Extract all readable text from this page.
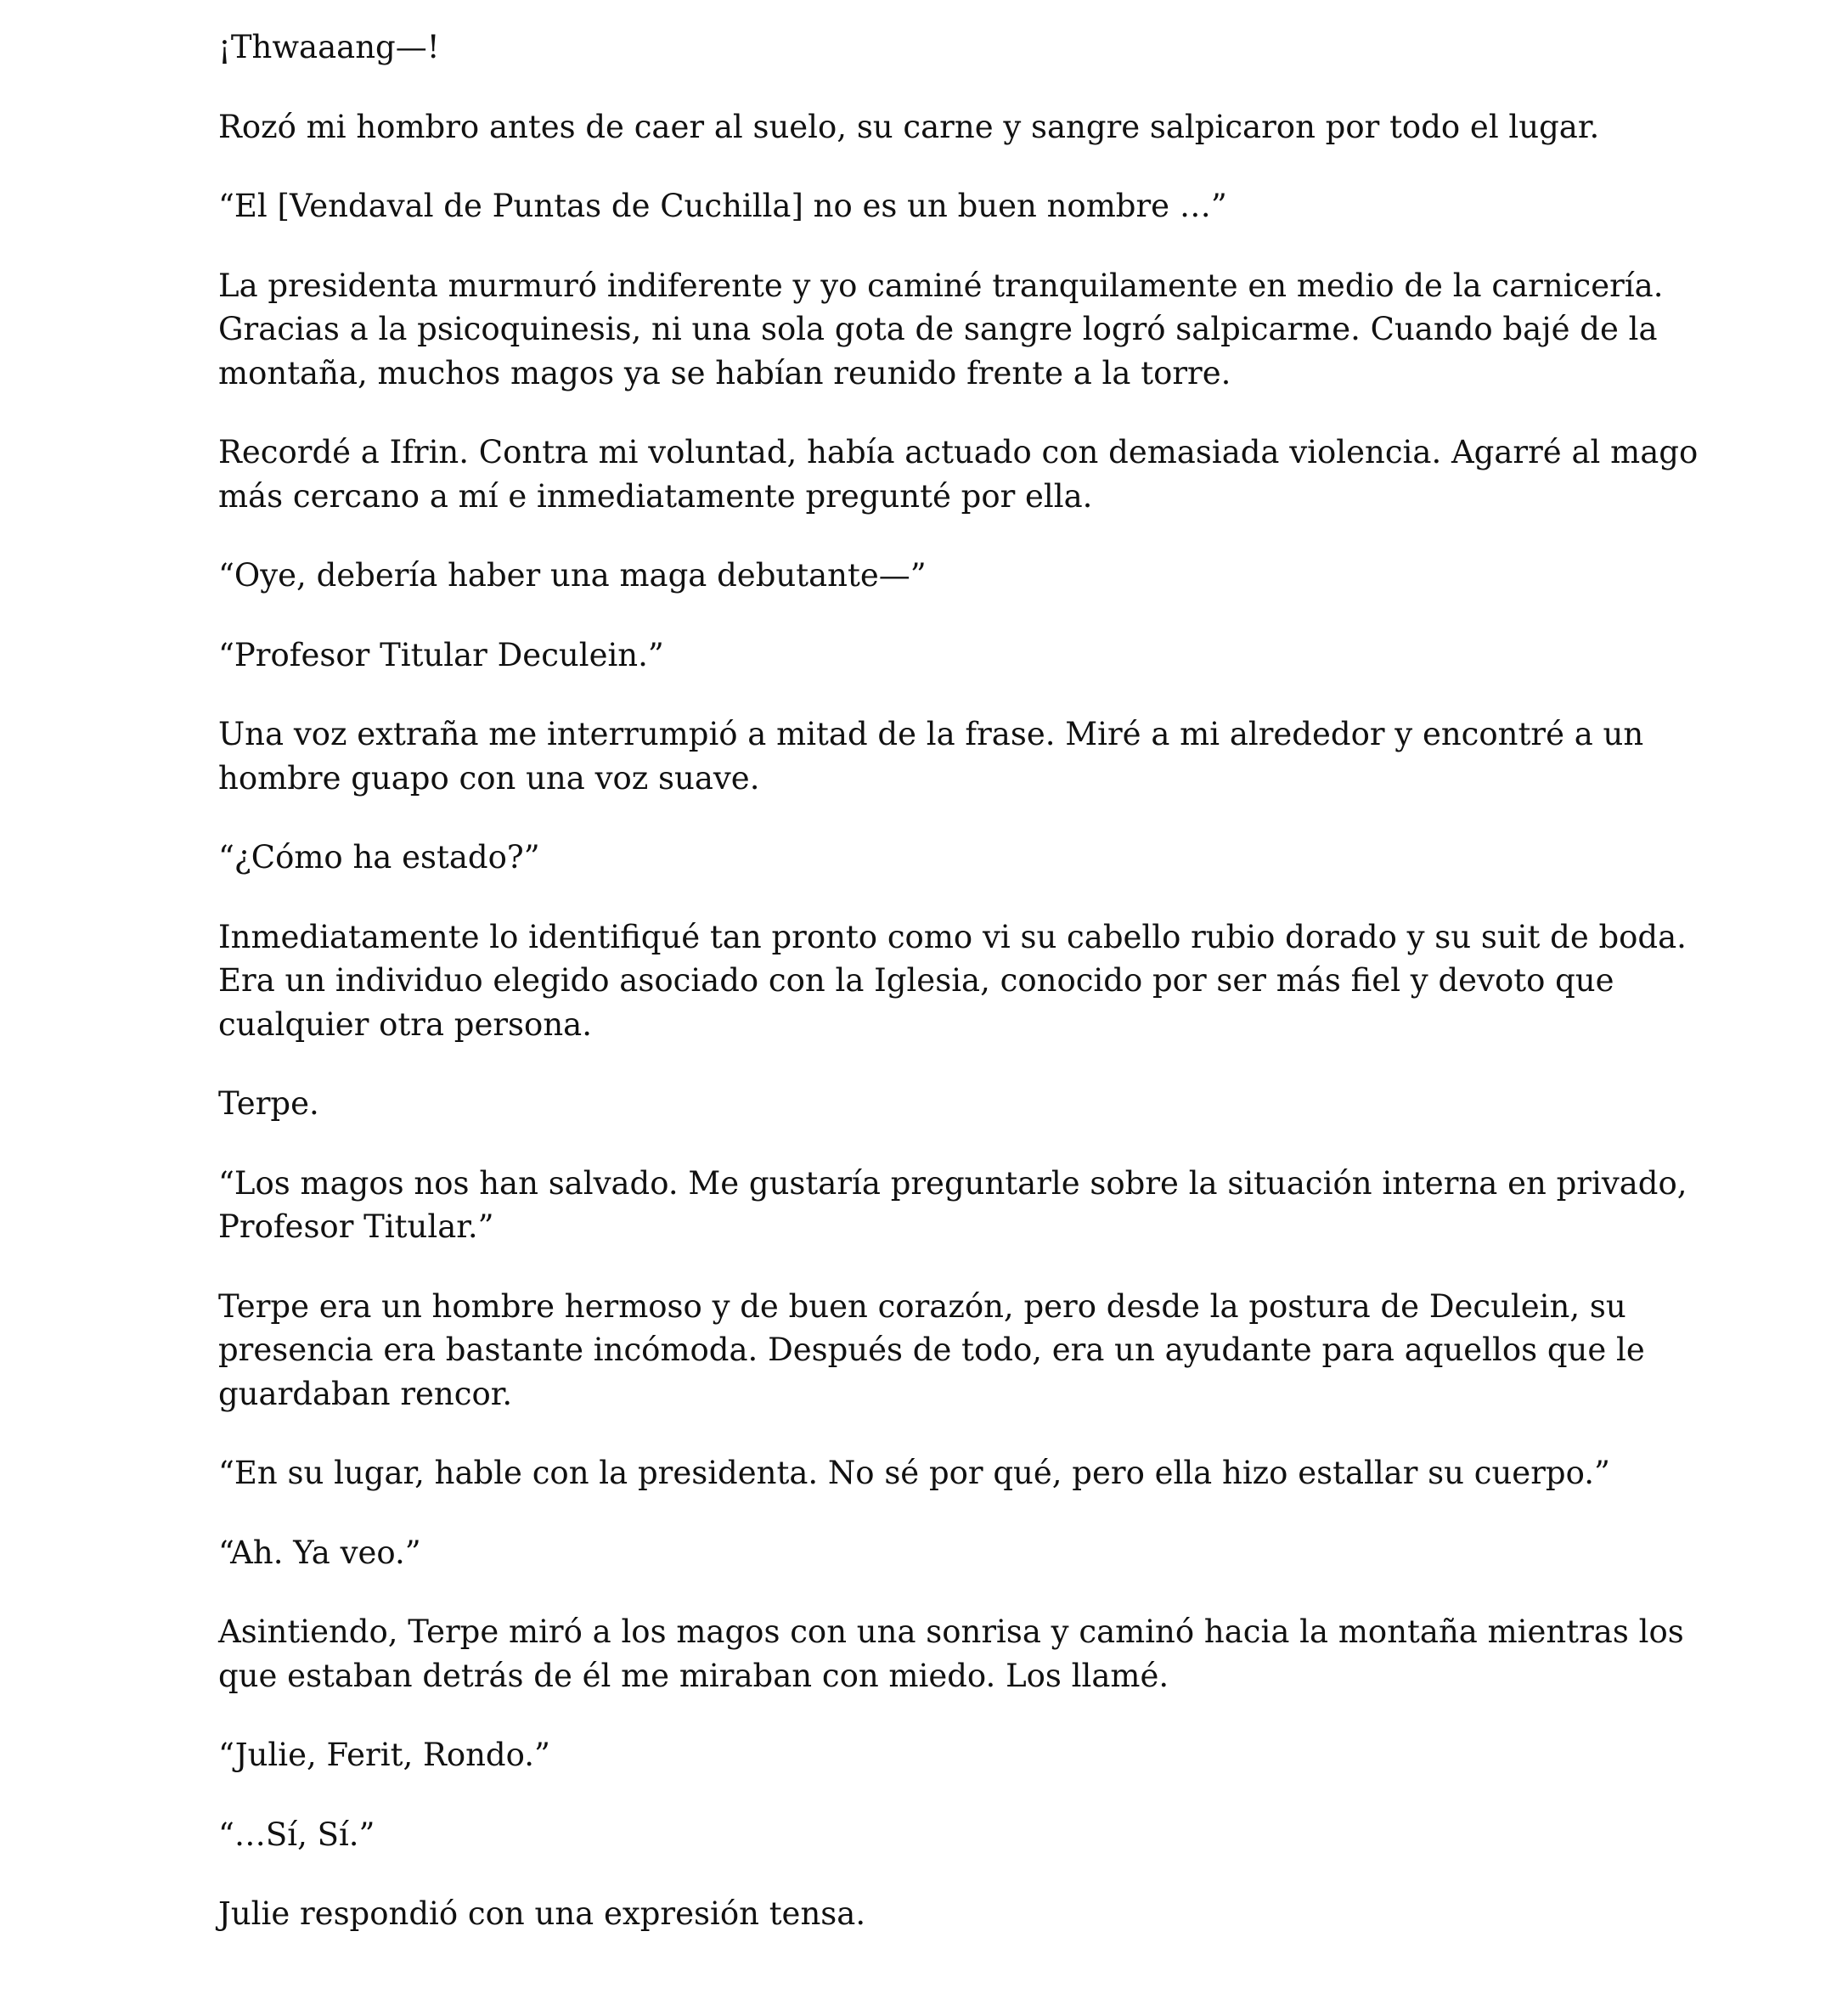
¡Thwaaang—!

Rozó mi hombro antes de caer al suelo, su carne y sangre salpicaron por todo el lugar.

“El [Vendaval de Puntas de Cuchilla] no es un buen nombre …”

La presidenta murmuró indiferente y yo caminé tranquilamente en medio de la carnicería. Gracias a la psicoquinesis, ni una sola gota de sangre logró salpicarme. Cuando bajé de la montaña, muchos magos ya se habían reunido frente a la torre.

Recordé a Ifrin. Contra mi voluntad, había actuado con demasiada violencia. Agarré al mago más cercano a mí e inmediatamente pregunté por ella.

“Oye, debería haber una maga debutante—”

“Profesor Titular Deculein.”

Una voz extraña me interrumpió a mitad de la frase. Miré a mi alrededor y encontré a un hombre guapo con una voz suave.

“¿Cómo ha estado?”

Inmediatamente lo identifiqué tan pronto como vi su cabello rubio dorado y su suit de boda. Era un individuo elegido asociado con la Iglesia, conocido por ser más fiel y devoto que cualquier otra persona.

Terpe.

“Los magos nos han salvado. Me gustaría preguntarle sobre la situación interna en privado, Profesor Titular.”

Terpe era un hombre hermoso y de buen corazón, pero desde la postura de Deculein, su presencia era bastante incómoda. Después de todo, era un ayudante para aquellos que le guardaban rencor.

“En su lugar, hable con la presidenta. No sé por qué, pero ella hizo estallar su cuerpo.”

“Ah. Ya veo.”

Asintiendo, Terpe miró a los magos con una sonrisa y caminó hacia la montaña mientras los que estaban detrás de él me miraban con miedo. Los llamé.

“Julie, Ferit, Rondo.”

“…Sí, Sí.”

Julie respondió con una expresión tensa.
